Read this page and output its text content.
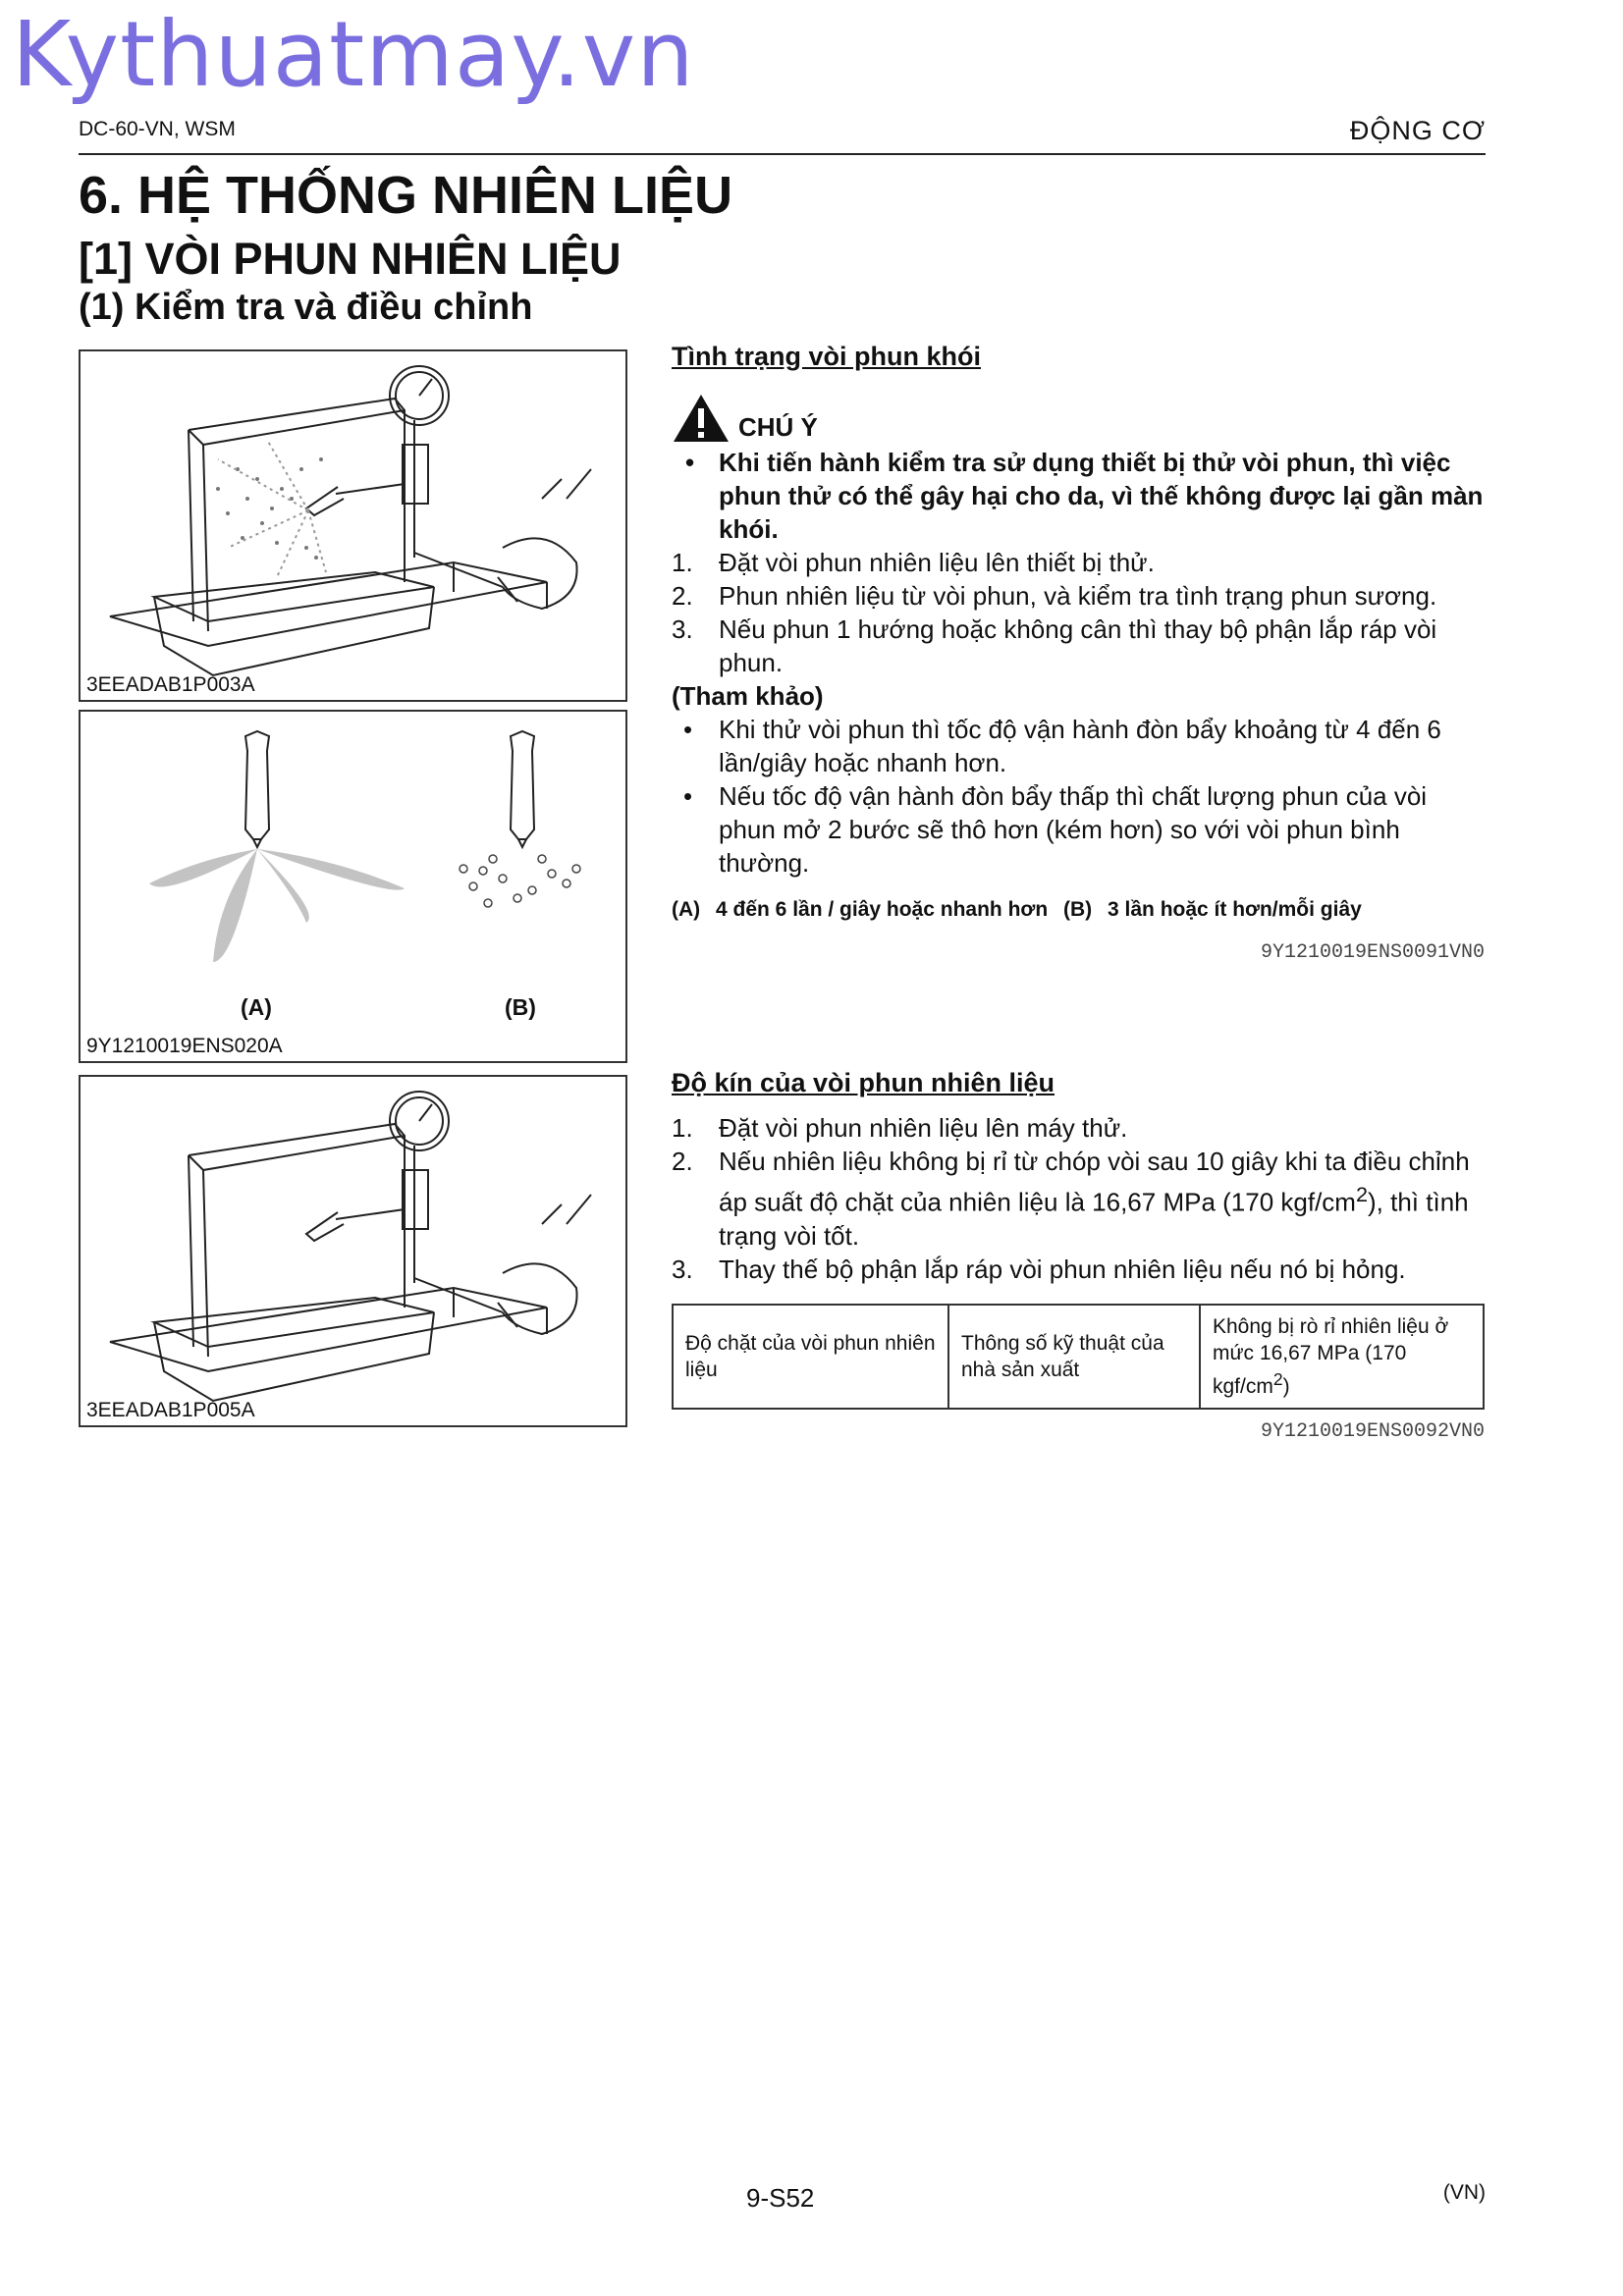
Kythuatmay.vn
DC-60-VN, WSM	ĐỘNG CƠ
6. HỆ THỐNG NHIÊN LIỆU
[1] VÒI PHUN NHIÊN LIỆU
(1) Kiểm tra và điều chỉnh
3EEADAB1P003A
(A)	(B)
9Y1210019ENS020A
3EEADAB1P005A
Tình trạng vòi phun khói
CHÚ Ý
• Khi tiến hành kiểm tra sử dụng thiết bị thử vòi phun, thì việc phun thử có thể gây hại cho da, vì thế không được lại gần màn khói.
1. Đặt vòi phun nhiên liệu lên thiết bị thử.
2. Phun nhiên liệu từ vòi phun, và kiểm tra tình trạng phun sương.
3. Nếu phun 1 hướng hoặc không cân thì thay bộ phận lắp ráp vòi phun.
(Tham khảo)
• Khi thử vòi phun thì tốc độ vận hành đòn bẩy khoảng từ 4 đến 6 lần/giây hoặc nhanh hơn.
• Nếu tốc độ vận hành đòn bẩy thấp thì chất lượng phun của vòi phun mở 2 bước sẽ thô hơn (kém hơn) so với vòi phun bình thường.
(A) 4 đến 6 lần / giây hoặc nhanh hơn (B) 3 lần hoặc ít hơn/mỗi giây
9Y1210019ENS0091VN0
Độ kín của vòi phun nhiên liệu
1. Đặt vòi phun nhiên liệu lên máy thử.
2. Nếu nhiên liệu không bị rỉ từ chóp vòi sau 10 giây khi ta điều chỉnh áp suất độ chặt của nhiên liệu là 16,67 MPa (170 kgf/$cm^2$), thì tình trạng vòi tốt.
3. Thay thế bộ phận lắp ráp vòi phun nhiên liệu nếu nó bị hỏng.
Độ chặt của vòi phun nhiên liệu	Thông số kỹ thuật của nhà sản xuất	Không bị rò rỉ nhiên liệu ở mức 16,67 MPa (170 kgf/$cm^2$)
9Y1210019ENS0092VN0
9-S52	(VN)
